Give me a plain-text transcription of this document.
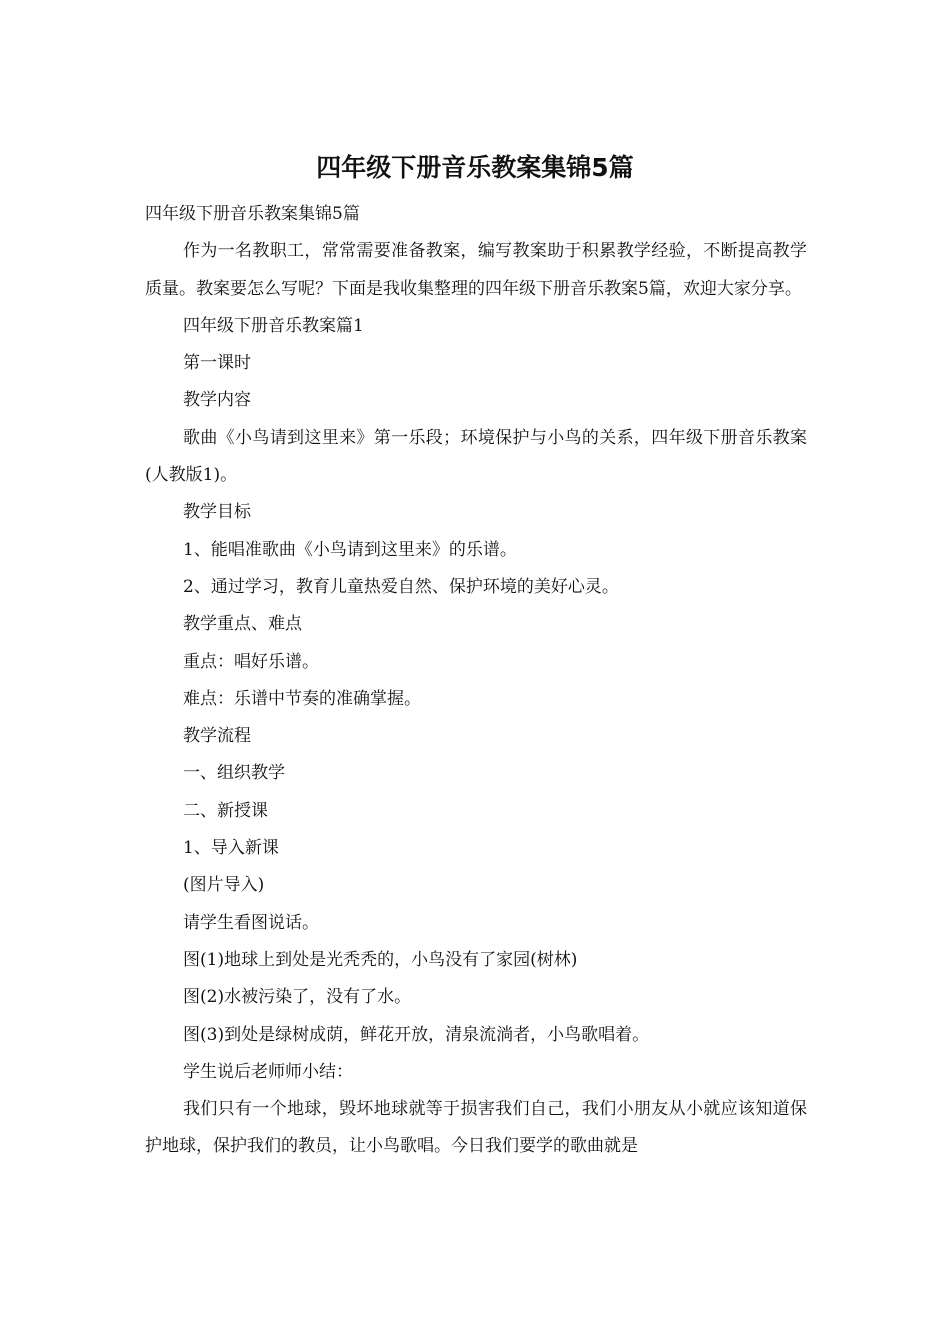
四年级下册音乐教案集锦5篇

四年级下册音乐教案集锦5篇

作为一名教职工，常常需要准备教案，编写教案助于积累教学经验，不断提高教学质量。教案要怎么写呢？下面是我收集整理的四年级下册音乐教案5篇，欢迎大家分享。

四年级下册音乐教案篇1

第一课时

教学内容

歌曲《小鸟请到这里来》第一乐段；环境保护与小鸟的关系，四年级下册音乐教案(人教版1)。

教学目标

1、能唱准歌曲《小鸟请到这里来》的乐谱。

2、通过学习，教育儿童热爱自然、保护环境的美好心灵。

教学重点、难点

重点：唱好乐谱。

难点：乐谱中节奏的准确掌握。

教学流程

一、组织教学

二、新授课

1、导入新课

(图片导入)

请学生看图说话。

图(1)地球上到处是光秃秃的，小鸟没有了家园(树林)

图(2)水被污染了，没有了水。

图(3)到处是绿树成荫，鲜花开放，清泉流淌者，小鸟歌唱着。

学生说后老师师小结：

我们只有一个地球，毁坏地球就等于损害我们自己，我们小朋友从小就应该知道保护地球，保护我们的教员，让小鸟歌唱。今日我们要学的歌曲就是
